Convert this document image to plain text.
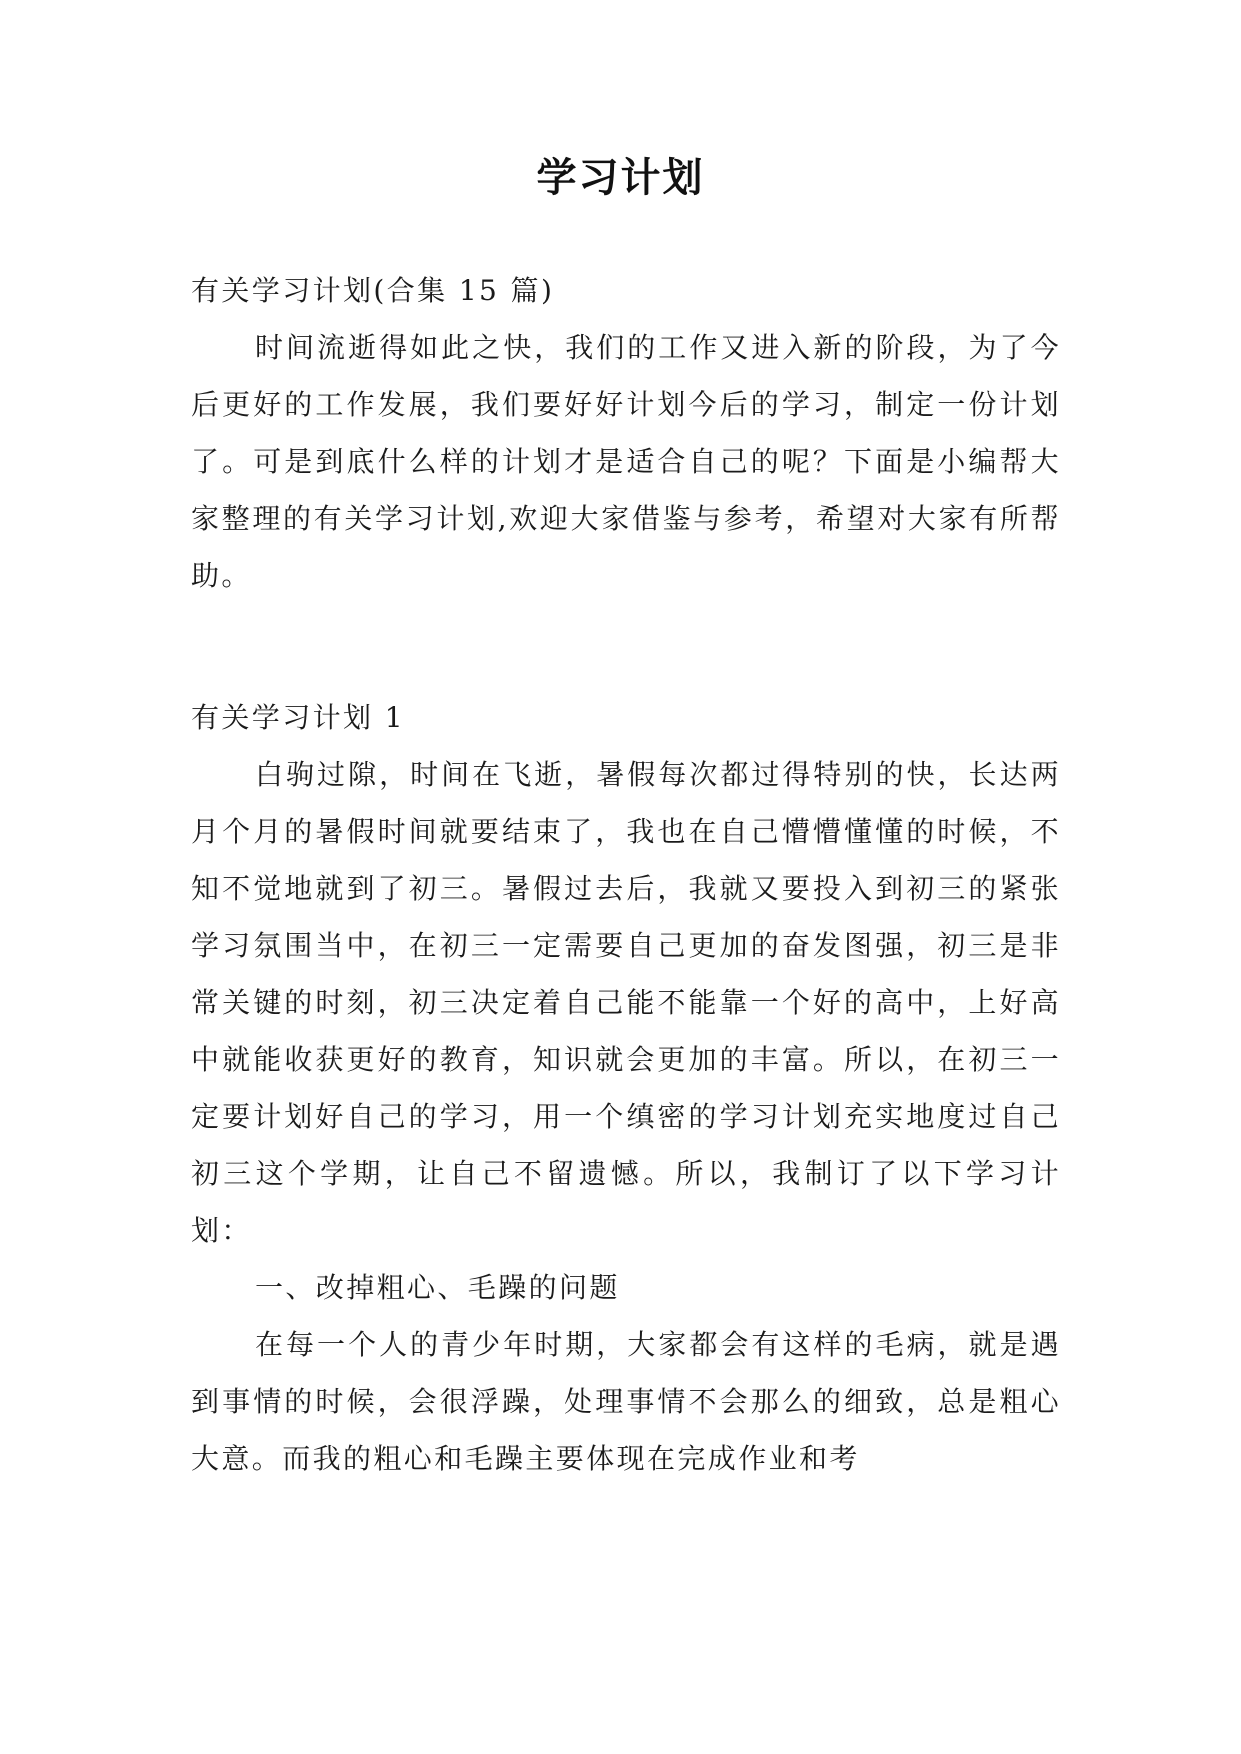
学习计划

有关学习计划(合集 15 篇)

时间流逝得如此之快，我们的工作又进入新的阶段，为了今后更好的工作发展，我们要好好计划今后的学习，制定一份计划了。可是到底什么样的计划才是适合自己的呢？下面是小编帮大家整理的有关学习计划,欢迎大家借鉴与参考，希望对大家有所帮助。

有关学习计划 1

白驹过隙，时间在飞逝，暑假每次都过得特别的快，长达两月个月的暑假时间就要结束了，我也在自己懵懵懂懂的时候，不知不觉地就到了初三。暑假过去后，我就又要投入到初三的紧张学习氛围当中，在初三一定需要自己更加的奋发图强，初三是非常关键的时刻，初三决定着自己能不能靠一个好的高中，上好高中就能收获更好的教育，知识就会更加的丰富。所以，在初三一定要计划好自己的学习，用一个缜密的学习计划充实地度过自己初三这个学期，让自己不留遗憾。所以，我制订了以下学习计划：

一、改掉粗心、毛躁的问题

在每一个人的青少年时期，大家都会有这样的毛病，就是遇到事情的时候，会很浮躁，处理事情不会那么的细致，总是粗心大意。而我的粗心和毛躁主要体现在完成作业和考
